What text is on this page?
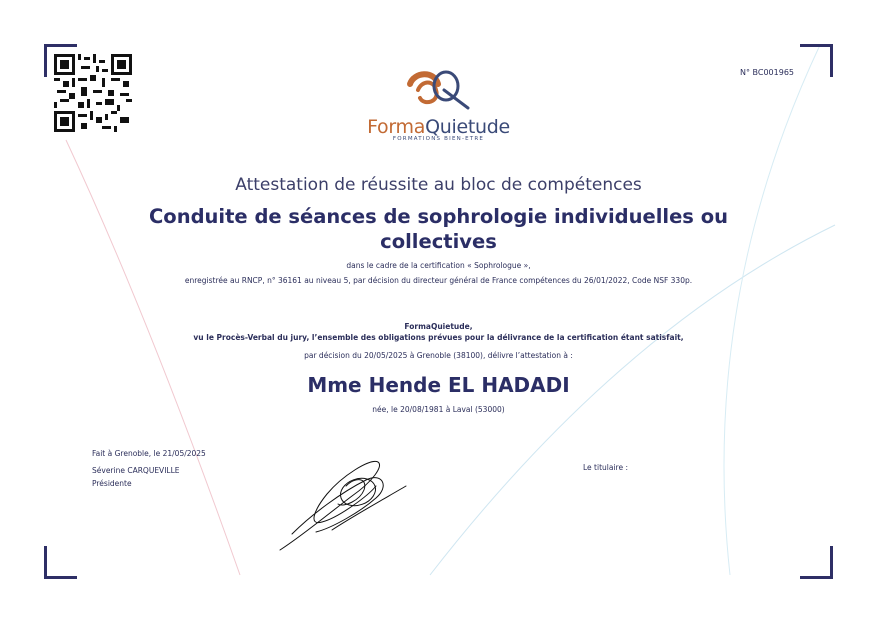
N° BC001965
FormaQuietude
FORMATIONS BIEN-ETRE
Attestation de réussite au bloc de compétences
Conduite de séances de sophrologie individuelles ou collectives
dans le cadre de la certification « Sophrologue »,
enregistrée au RNCP, n° 36161 au niveau 5, par décision du directeur général de France compétences du 26/01/2022, Code NSF 330p.
FormaQuietude,
vu le Procès-Verbal du jury, l’ensemble des obligations prévues pour la délivrance de la certification étant satisfait,
par décision du 20/05/2025 à Grenoble (38100), délivre l’attestation à :
Mme Hende EL HADADI
née, le 20/08/1981 à Laval (53000)
Fait à Grenoble, le 21/05/2025
Séverine CARQUEVILLE
Présidente
Le titulaire :
